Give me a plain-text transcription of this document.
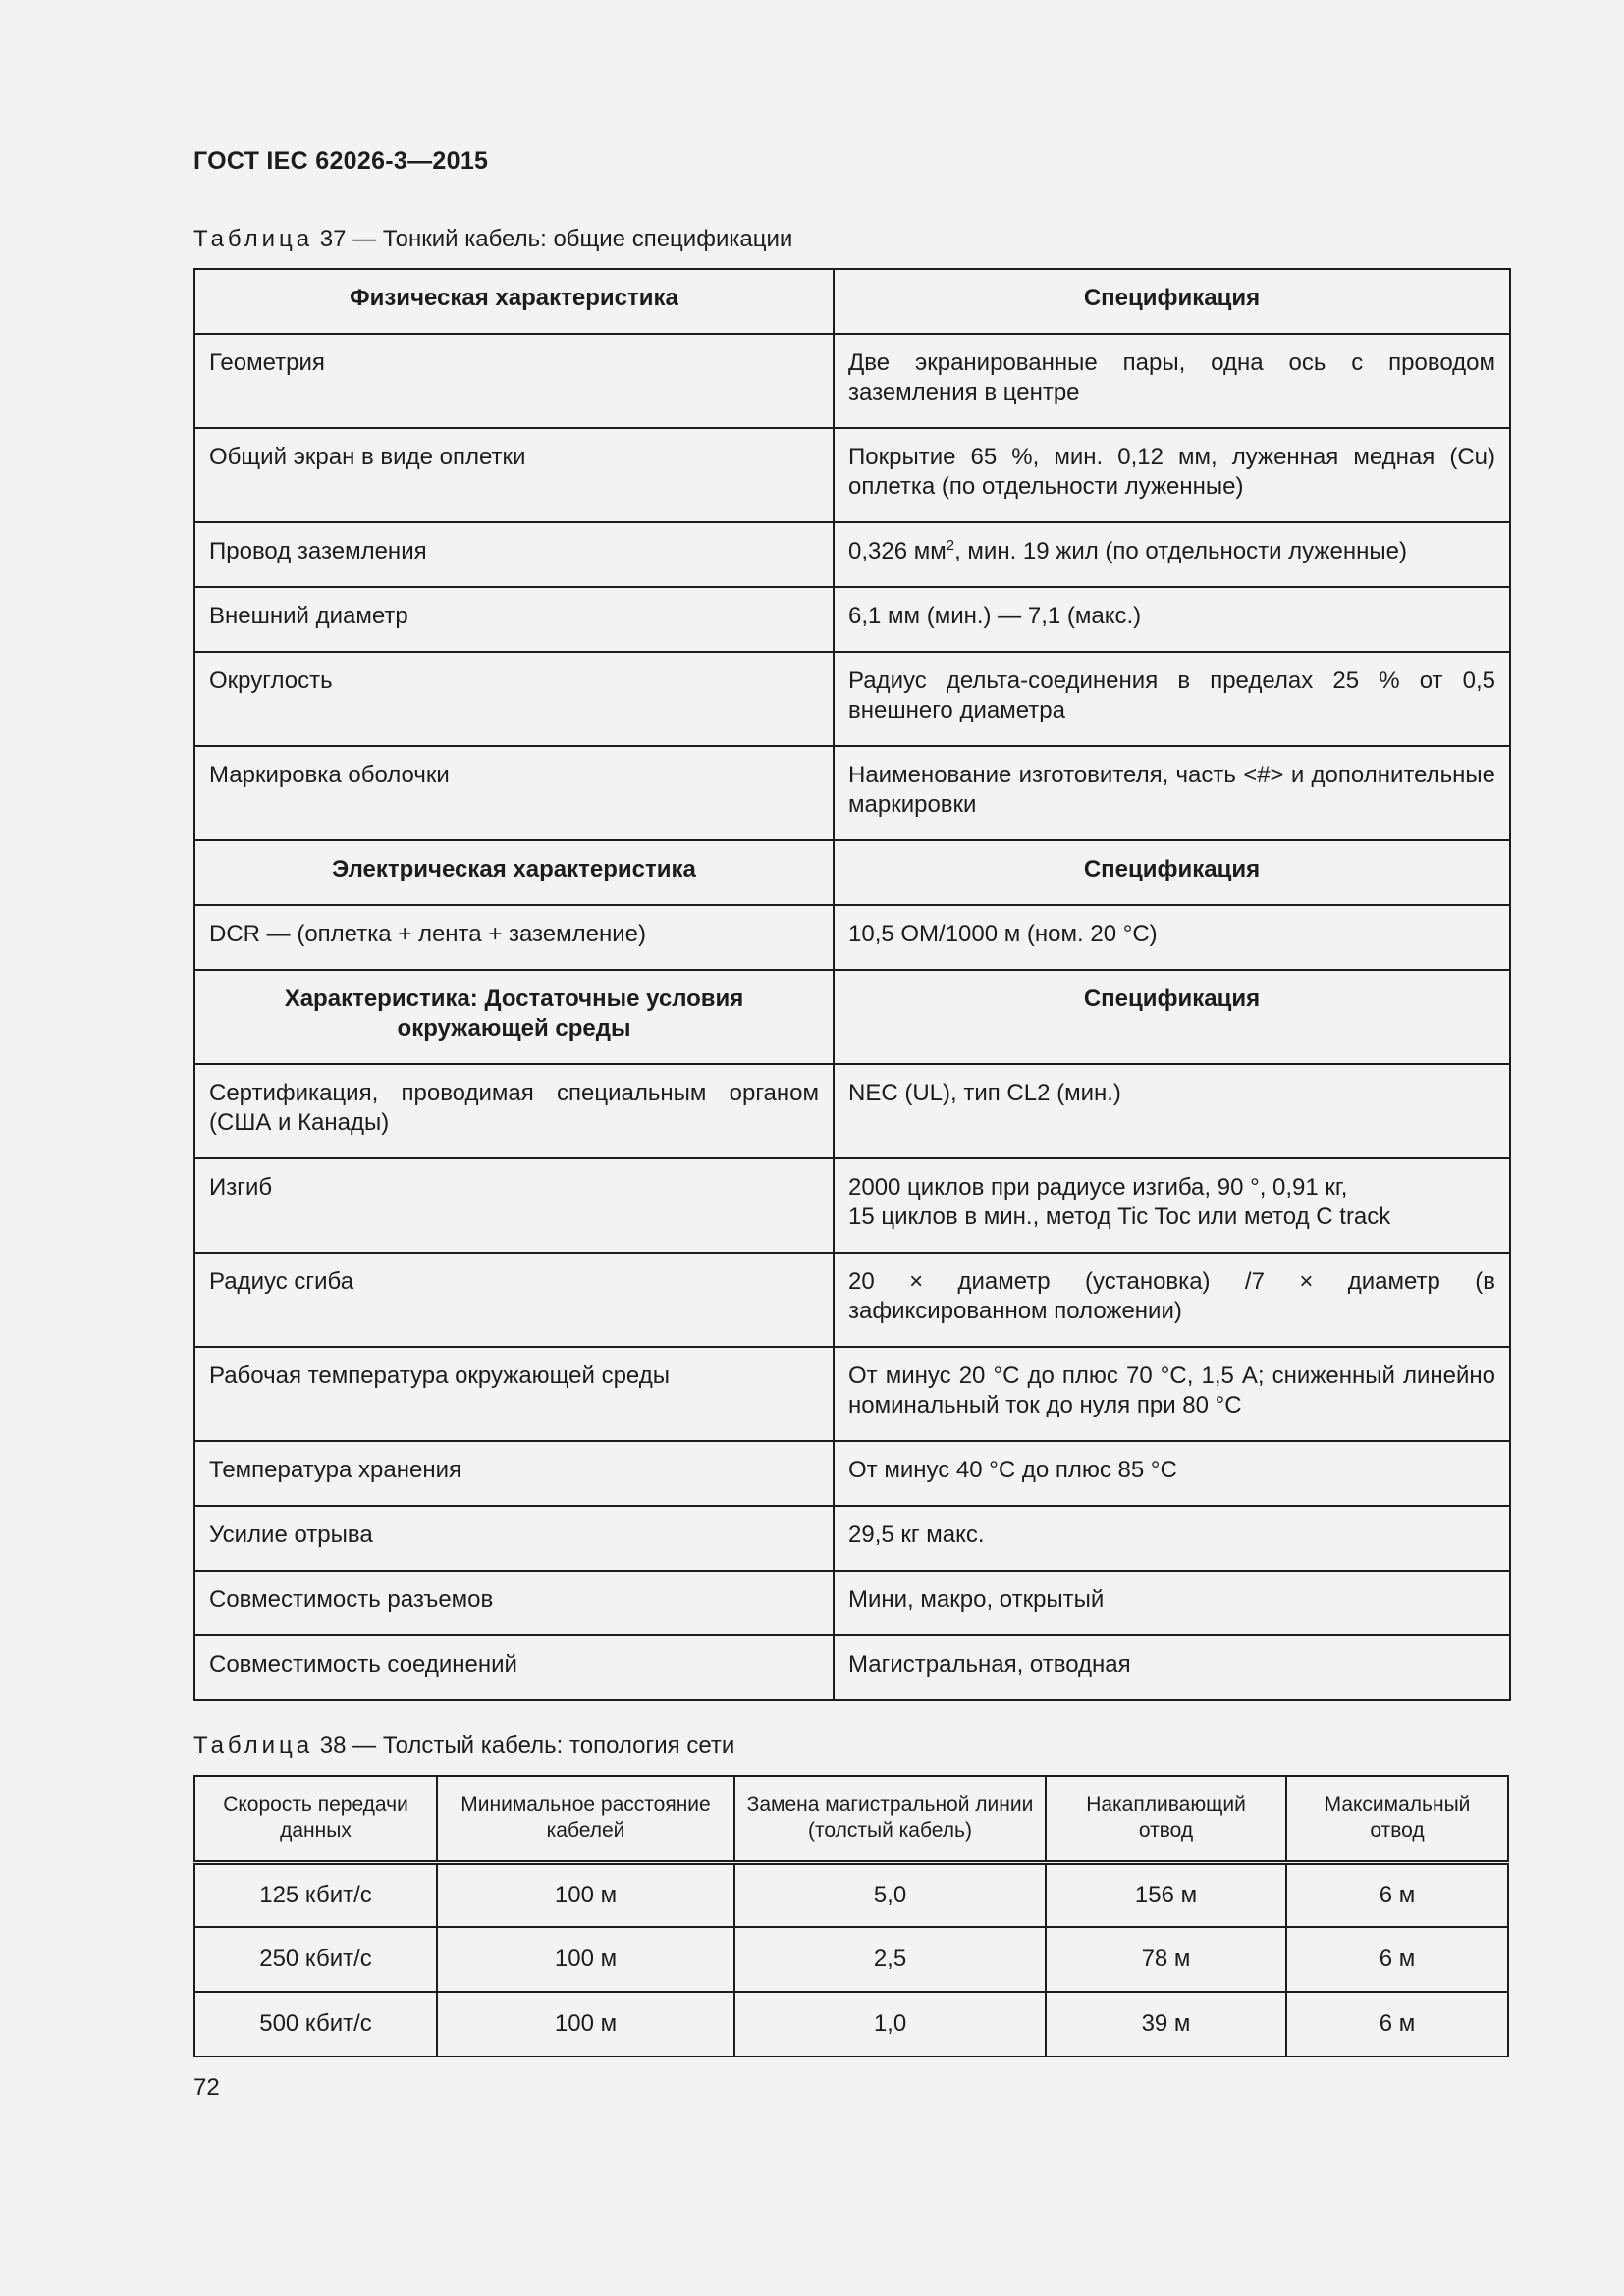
ГОСТ IEC 62026-3—2015
Таблица 37 — Тонкий кабель: общие спецификации
Физическая характеристика	Спецификация
Геометрия	Две экранированные пары, одна ось с проводом заземления в центре
Общий экран в виде оплетки	Покрытие 65 %, мин. 0,12 мм, луженная медная (Cu) оплетка (по отдельности луженные)
Провод заземления	0,326 $мм^2$, мин. 19 жил (по отдельности луженные)
Внешний диаметр	6,1 мм (мин.) — 7,1 (макс.)
Округлость	Радиус дельта-соединения в пределах 25 % от 0,5 внешнего диаметра
Маркировка оболочки	Наименование изготовителя, часть <#> и дополнительные маркировки
Электрическая характеристика	Спецификация
DCR — (оплетка + лента + заземление)	10,5 ОМ/1000 м (ном. 20 °С)
Характеристика: Достаточные условия окружающей среды	Спецификация
Сертификация, проводимая специальным органом (США и Канады)	NEC (UL), тип CL2 (мин.)
Изгиб	2000 циклов при радиусе изгиба, 90 °, 0,91 кг,
15 циклов в мин., метод Tic Toc или метод C track

Радиус сгиба	20 × диаметр (установка) /7 × диаметр (в зафиксированном положении)
Рабочая температура окружающей среды	От минус 20 °С до плюс 70 °С, 1,5 А; сниженный линейно номинальный ток до нуля при 80 °С
Температура хранения	От минус 40 °С до плюс 85 °С
Усилие отрыва	29,5 кг макс.
Совместимость разъемов	Мини, макро, открытый
Совместимость соединений	Магистральная, отводная
Таблица 38 — Толстый кабель: топология сети
Скорость передачи данных	Минимальное расстояние кабелей	Замена магистральной линии (толстый кабель)	Накапливающий отвод	Максимальный отвод
125 кбит/с	100 м	5,0	156 м	6 м
250 кбит/с	100 м	2,5	78 м	6 м
500 кбит/с	100 м	1,0	39 м	6 м
72
